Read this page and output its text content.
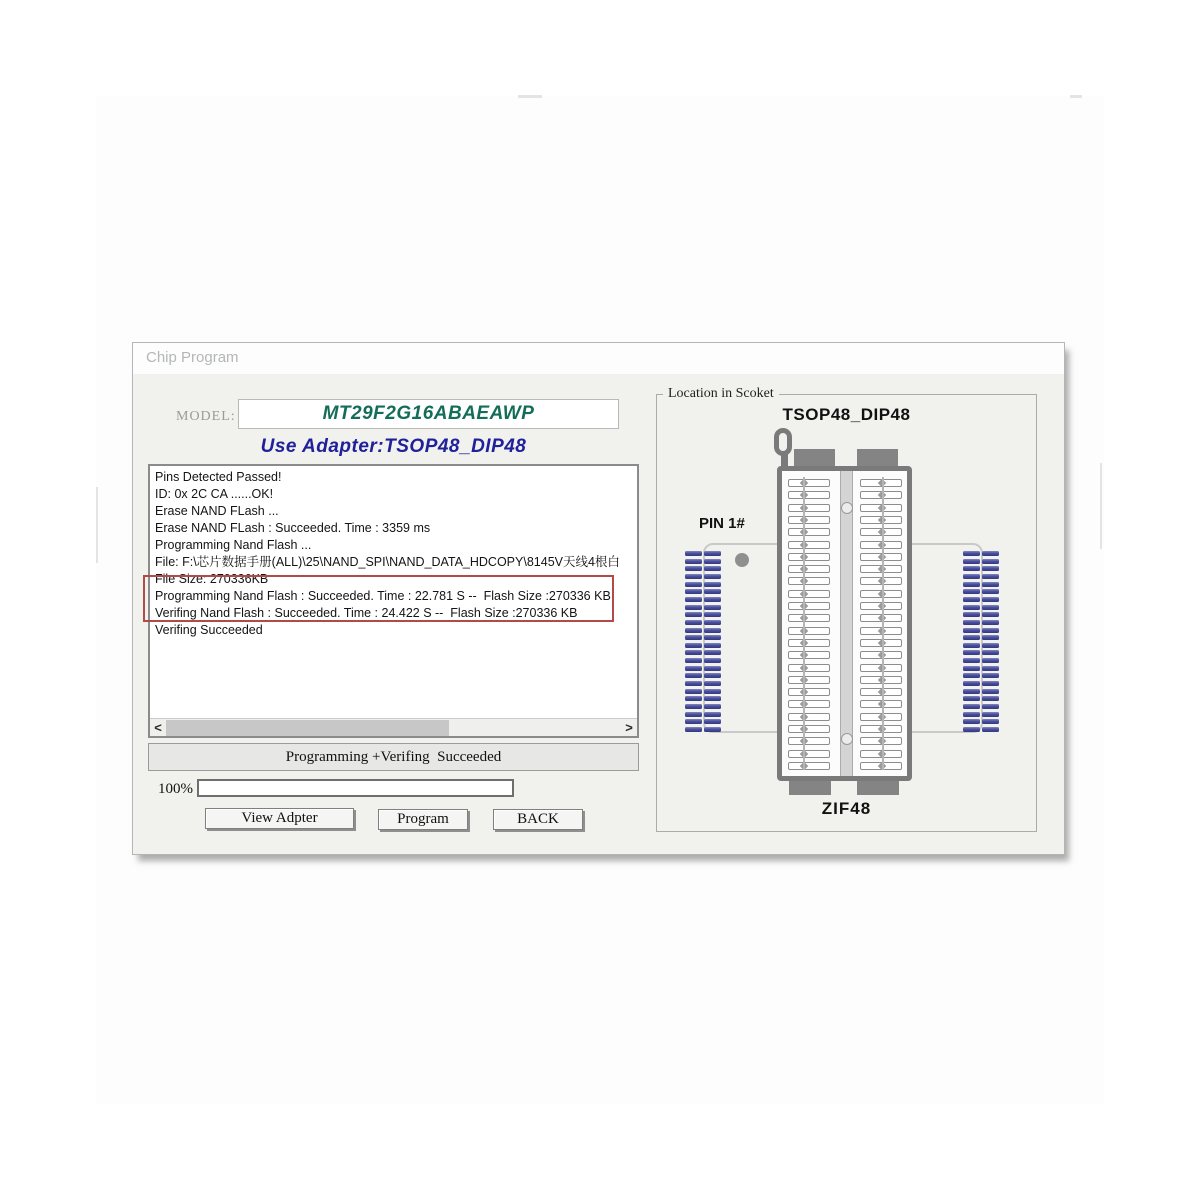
Chip Program
MODEL:	MT29F2G16ABAEAWP
Use Adapter:TSOP48_DIP48
Pins Detected Passed!
ID: 0x 2C CA ......OK!
Erase NAND FLash ...
Erase NAND FLash : Succeeded. Time : 3359 ms
Programming Nand Flash ...
File: F:\芯片数据手册(ALL)\25\NAND_SPI\NAND_DATA_HDCOPY\8145V天线4根白
File Size: 270336KB
Programming Nand Flash : Succeeded. Time : 22.781 S --  Flash Size :270336 KB
Verifing Nand Flash : Succeeded. Time : 24.422 S --  Flash Size :270336 KB
Verifing Succeeded
<	>
Programming +Verifing  Succeeded
100%
View Adpter	Program	BACK
Location in Scoket
TSOP48_DIP48
PIN 1#
ZIF48
